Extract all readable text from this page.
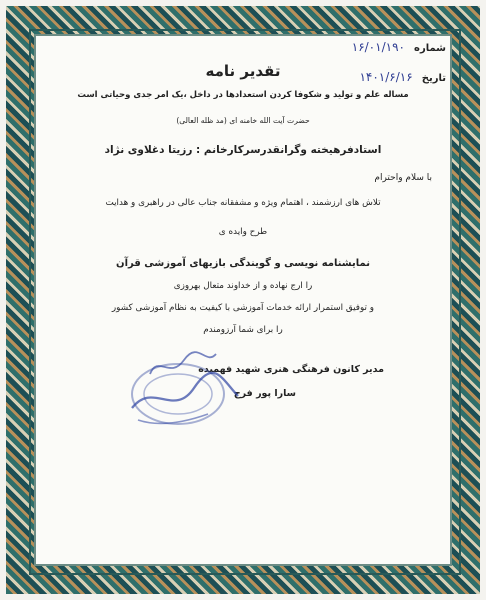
شماره ۱۶/۰۱/۱۹۰
تاریخ ۱۴۰۱/۶/۱۶
تقدیر نامه
مساله علم و تولید و شکوفا کردن استعدادها در داخل ،یک امر جدی وحیاتی است
حضرت آیت الله خامنه ای (مد ظله العالی)
استادفرهیخته وگرانقدرسرکارخانم : رزیتا دغلاوی نژاد
با سلام واحترام
تلاش های ارزشمند ، اهتمام ویژه و مشفقانه جناب عالی در راهبری و هدایت
طرح وایده ی
نمایشنامه نویسی و گویندگی بازیهای آموزشی قرآن
را ارج نهاده و از خداوند متعال بهروزی
و توفیق استمرار ارائه خدمات آموزشی با کیفیت به نظام آموزشی کشور
را برای شما آرزومندم
مدیر کانون فرهنگی هنری شهید فهمیده
سارا پور فرح
